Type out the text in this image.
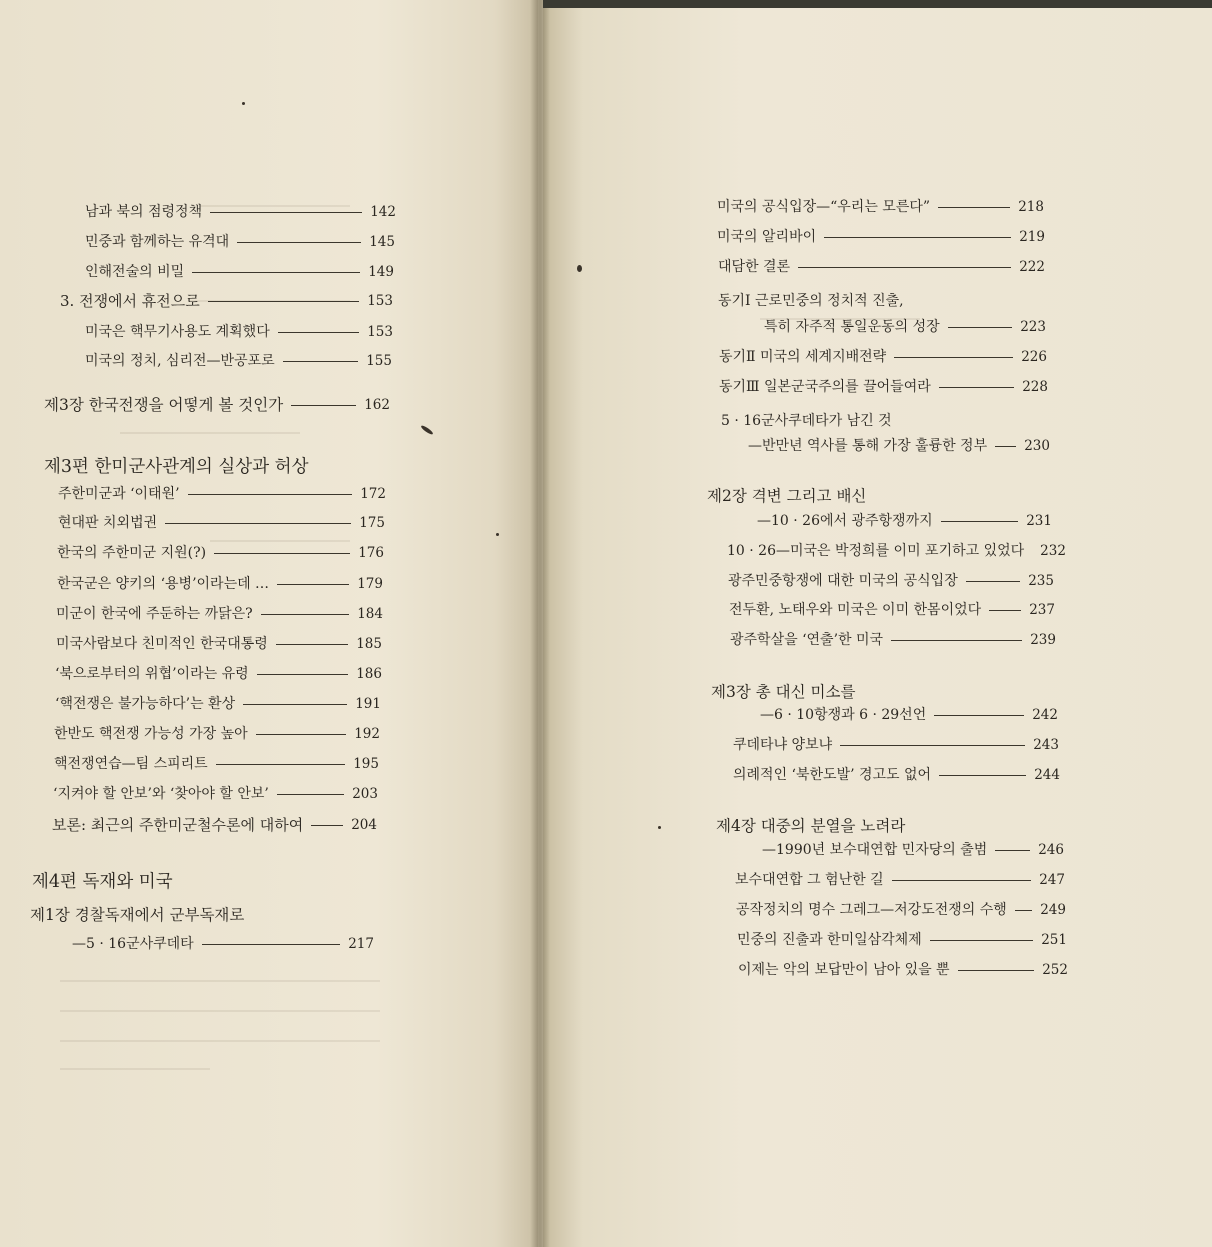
남과 북의 점령정책	142
민중과 함께하는 유격대	145
인해전술의 비밀	149
3. 전쟁에서 휴전으로	153
미국은 핵무기사용도 계획했다	153
미국의 정치, 심리전—반공포로	155
제3장 한국전쟁을 어떻게 볼 것인가	162
제3편 한미군사관계의 실상과 허상
주한미군과 ‘이태원’	172
현대판 치외법권	175
한국의 주한미군 지원(?)	176
한국군은 양키의 ‘용병’이라는데 …	179
미군이 한국에 주둔하는 까닭은?	184
미국사람보다 친미적인 한국대통령	185
‘북으로부터의 위협’이라는 유령	186
‘핵전쟁은 불가능하다’는 환상	191
한반도 핵전쟁 가능성 가장 높아	192
핵전쟁연습—팀 스피리트	195
‘지켜야 할 안보’와 ‘찾아야 할 안보’	203
보론: 최근의 주한미군철수론에 대하여	204
제4편 독재와 미국
제1장 경찰독재에서 군부독재로
—5 · 16군사쿠데타	217
미국의 공식입장—“우리는 모른다”	218
미국의 알리바이	219
대담한 결론	222
동기Ⅰ 근로민중의 정치적 진출,
특히 자주적 통일운동의 성장	223
동기Ⅱ 미국의 세계지배전략	226
동기Ⅲ 일본군국주의를 끌어들여라	228
5 · 16군사쿠데타가 남긴 것
—반만년 역사를 통해 가장 훌륭한 정부	230
제2장 격변 그리고 배신
—10 · 26에서 광주항쟁까지	231
10 · 26—미국은 박정희를 이미 포기하고 있었다 232
광주민중항쟁에 대한 미국의 공식입장	235
전두환, 노태우와 미국은 이미 한몸이었다	237
광주학살을 ‘연출’한 미국	239
제3장 총 대신 미소를
—6 · 10항쟁과 6 · 29선언	242
쿠데타냐 양보냐	243
의례적인 ‘북한도발’ 경고도 없어	244
제4장 대중의 분열을 노려라
—1990년 보수대연합 민자당의 출범	246
보수대연합 그 험난한 길	247
공작정치의 명수 그레그—저강도전쟁의 수행 249
민중의 진출과 한미일삼각체제	251
이제는 악의 보답만이 남아 있을 뿐	252
